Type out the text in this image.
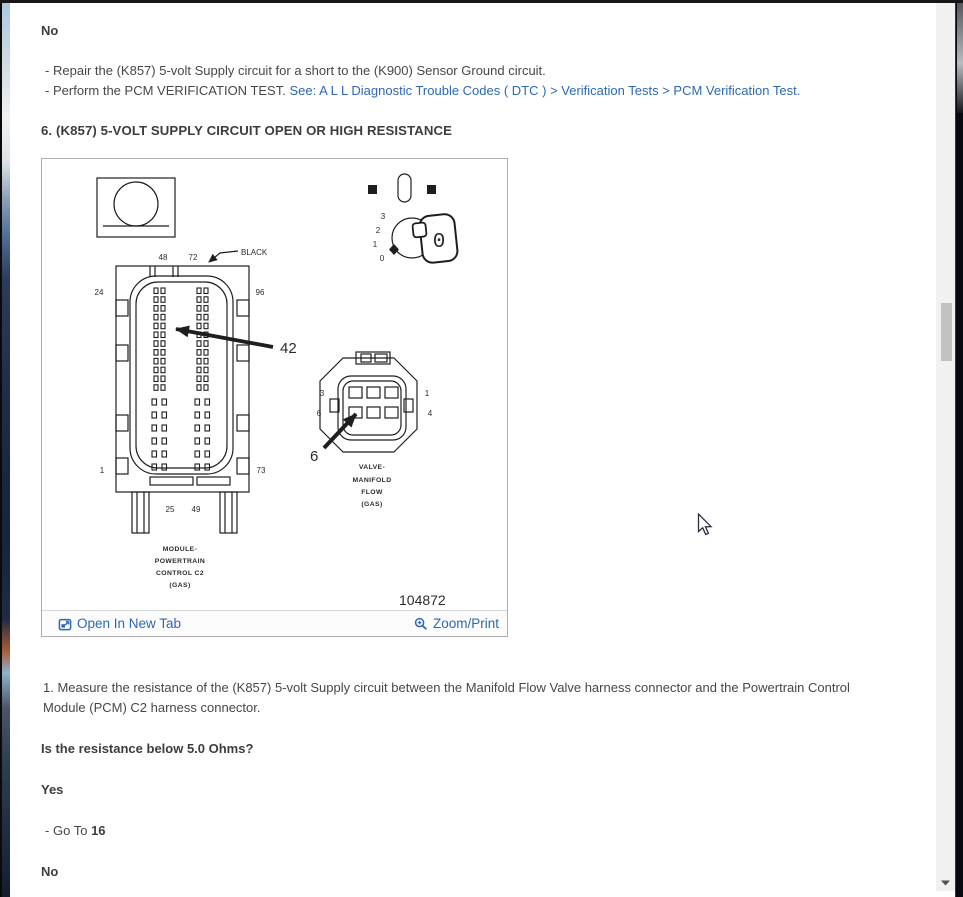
No
- Repair the (K857) 5-volt Supply circuit for a short to the (K900) Sensor Ground circuit.
- Perform the PCM VERIFICATION TEST. See: A L L Diagnostic Trouble Codes ( DTC ) > Verification Tests > PCM Verification Test.
6. (K857) 5-VOLT SUPPLY CIRCUIT OPEN OR HIGH RESISTANCE
3
2
1
0
0
48	72
BLACK
24	96
1	73
25 49
42
MODULE-
POWERTRAIN
CONTROL C2
(GAS)
3	1
6	4
6
VALVE-
MANIFOLD
FLOW
(GAS)
104872
Open In New Tab	Zoom/Print
1. Measure the resistance of the (K857) 5-volt Supply circuit between the Manifold Flow Valve harness connector and the Powertrain Control Module (PCM) C2 harness connector.
Is the resistance below 5.0 Ohms?
Yes
- Go To 16
No
